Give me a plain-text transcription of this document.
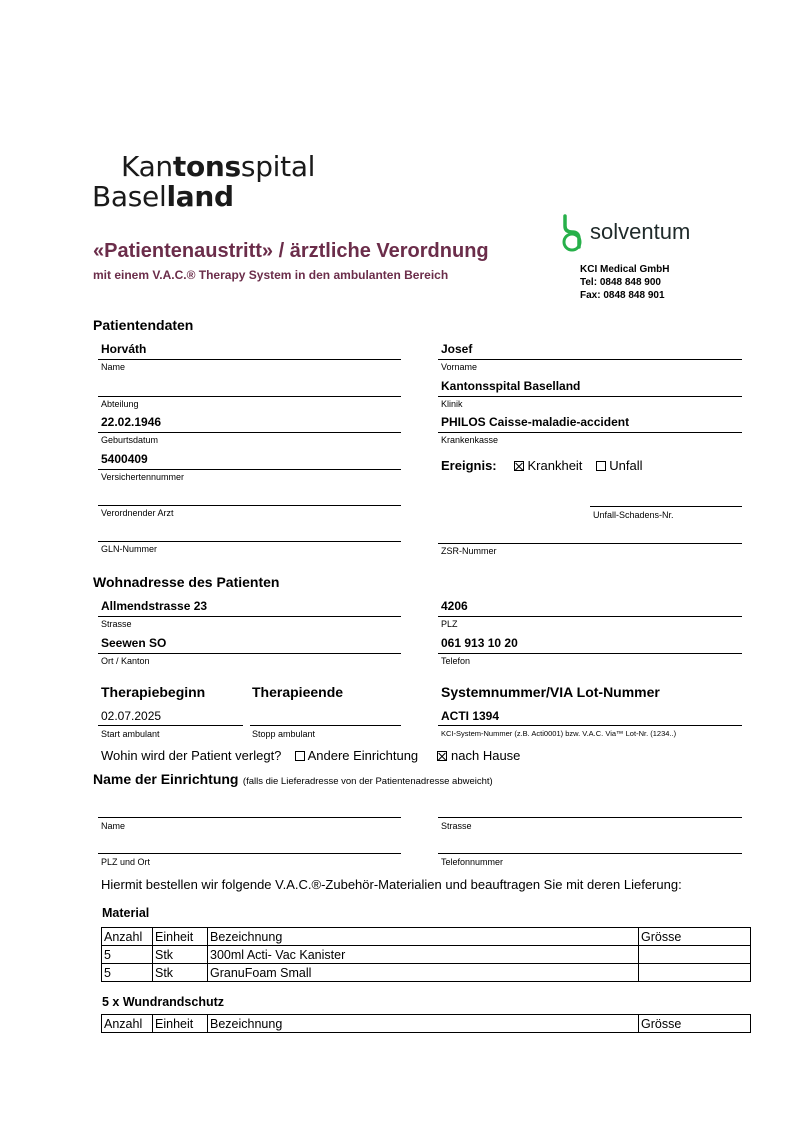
Kantonsspital
Baselland
«Patientenaustritt» / ärztliche Verordnung
mit einem V.A.C.® Therapy System in den ambulanten Bereich
solventum
KCI Medical GmbH
Tel: 0848 848 900
Fax: 0848 848 901
Patientendaten
Horváth
Name
Josef
Vorname
Abteilung
Kantonsspital Baselland
Klinik
22.02.1946
Geburtsdatum
PHILOS Caisse-maladie-accident
Krankenkasse
5400409
Versichertennummer
Ereignis: Krankheit Unfall
Verordnender Arzt	Unfall-Schadens-Nr.
GLN-Nummer	ZSR-Nummer
Wohnadresse des Patienten
Allmendstrasse 23
Strasse
4206
PLZ
Seewen SO
Ort / Kanton
061 913 10 20
Telefon
Therapiebeginn	Therapieende	Systemnummer/VIA Lot-Nummer
02.07.2025
Start ambulant	Stopp ambulant
ACTI 1394
KCI-System-Nummer (z.B. Acti0001) bzw. V.A.C. Via™ Lot-Nr. (1234..)
Wohin wird der Patient verlegt? Andere Einrichtung	nach Hause
Name der Einrichtung (falls die Lieferadresse von der Patientenadresse abweicht)
Name	Strasse
PLZ und Ort	Telefonnummer
Hiermit bestellen wir folgende V.A.C.®-Zubehör-Materialien und beauftragen Sie mit deren Lieferung:
Material
Anzahl	Einheit	Bezeichnung	Grösse
5	Stk	300ml Acti- Vac Kanister	
5	Stk	GranuFoam Small	
5 x Wundrandschutz
Anzahl	Einheit	Bezeichnung	Grösse
